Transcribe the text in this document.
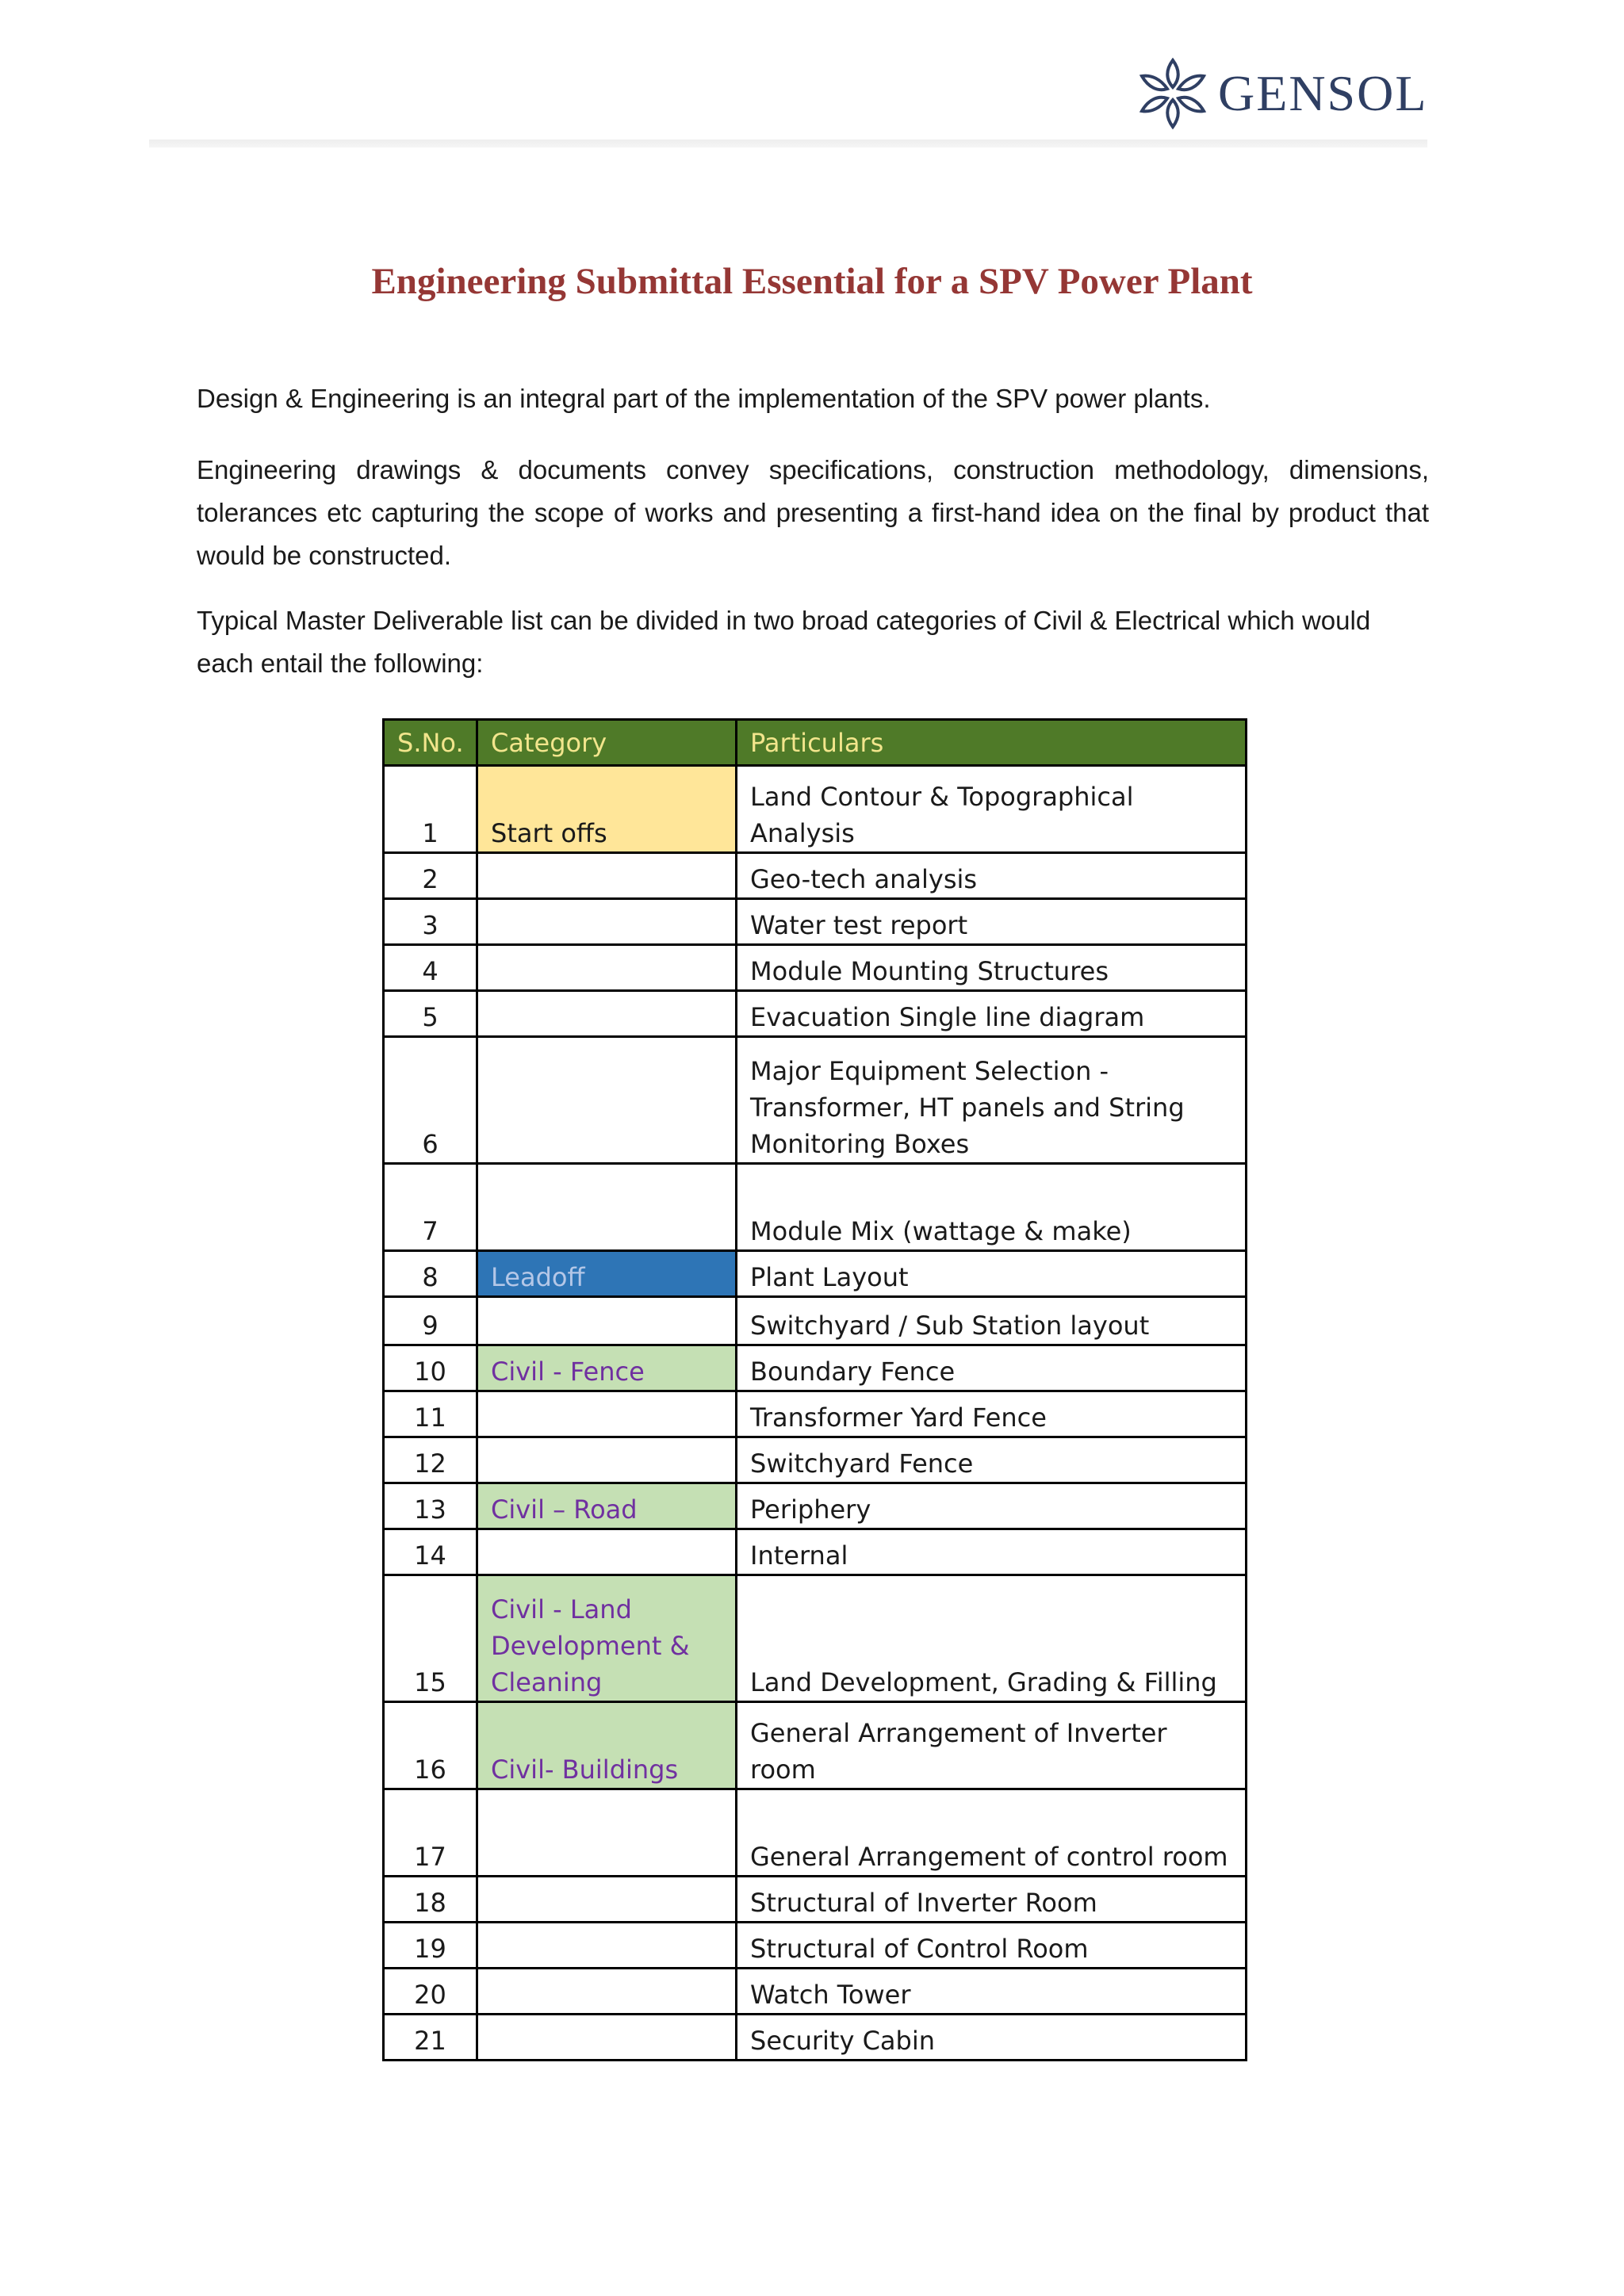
GENSOL
Engineering Submittal Essential for a SPV Power Plant

Design & Engineering is an integral part of the implementation of the SPV power plants.

Engineering drawings & documents convey specifications, construction methodology, dimensions, tolerances etc capturing the scope of works and presenting a first-hand idea on the final by product that would be constructed.

Typical Master Deliverable list can be divided in two broad categories of Civil & Electrical which would each entail the following:

S.No.	Category	Particulars
1	Start offs	Land Contour & Topographical Analysis
2		Geo-tech analysis
3		Water test report
4		Module Mounting Structures
5		Evacuation Single line diagram
6		Major Equipment Selection - Transformer, HT panels and String Monitoring Boxes
7		Module Mix (wattage & make)
8	Leadoff	Plant Layout
9		Switchyard / Sub Station layout
10	Civil - Fence	Boundary Fence
11		Transformer Yard Fence
12		Switchyard Fence
13	Civil – Road	Periphery
14		Internal
15	Civil - Land Development & Cleaning	Land Development, Grading & Filling
16	Civil- Buildings	General Arrangement of Inverter room
17		General Arrangement of control room
18		Structural of Inverter Room
19		Structural of Control Room
20		Watch Tower
21		Security Cabin
